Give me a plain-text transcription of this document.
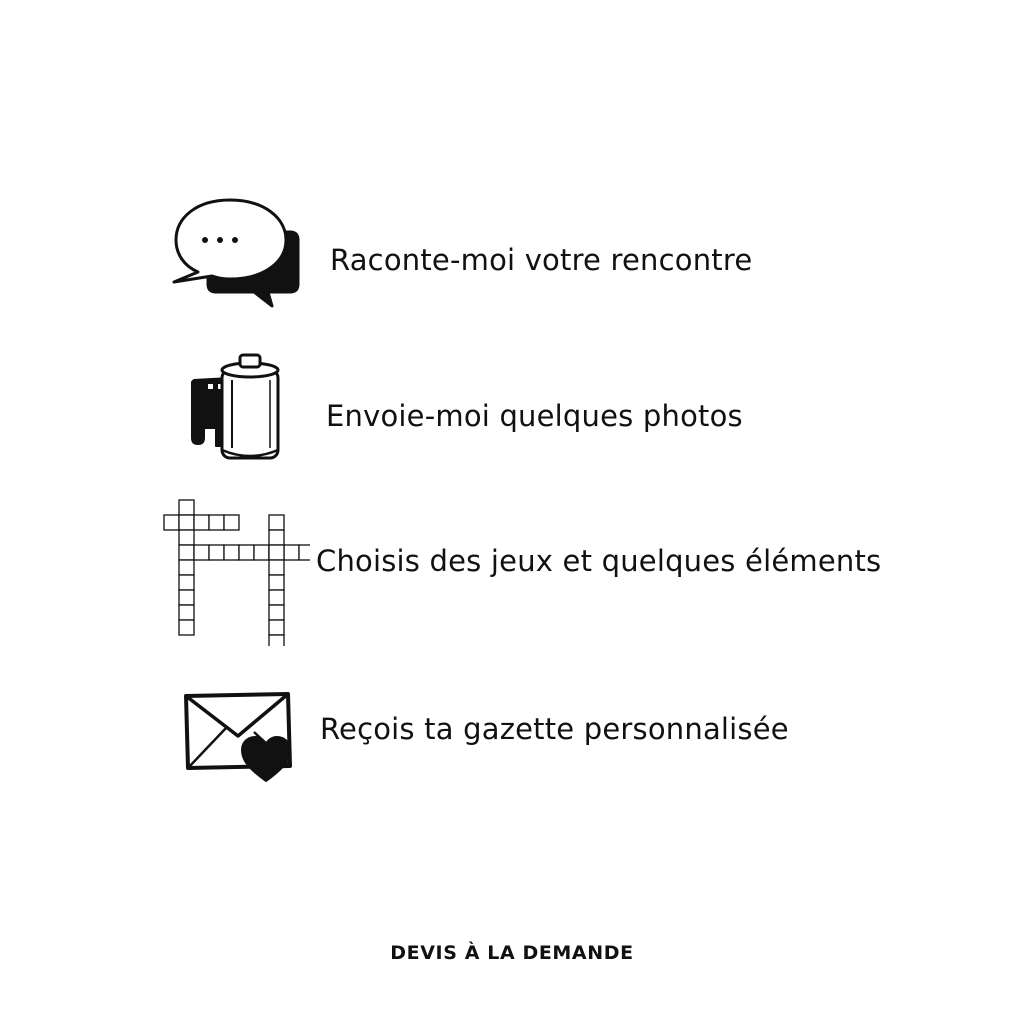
Raconte-moi votre rencontre
Envoie-moi quelques photos
Choisis des jeux et quelques éléments
Reçois ta gazette personnalisée
DEVIS À LA DEMANDE
